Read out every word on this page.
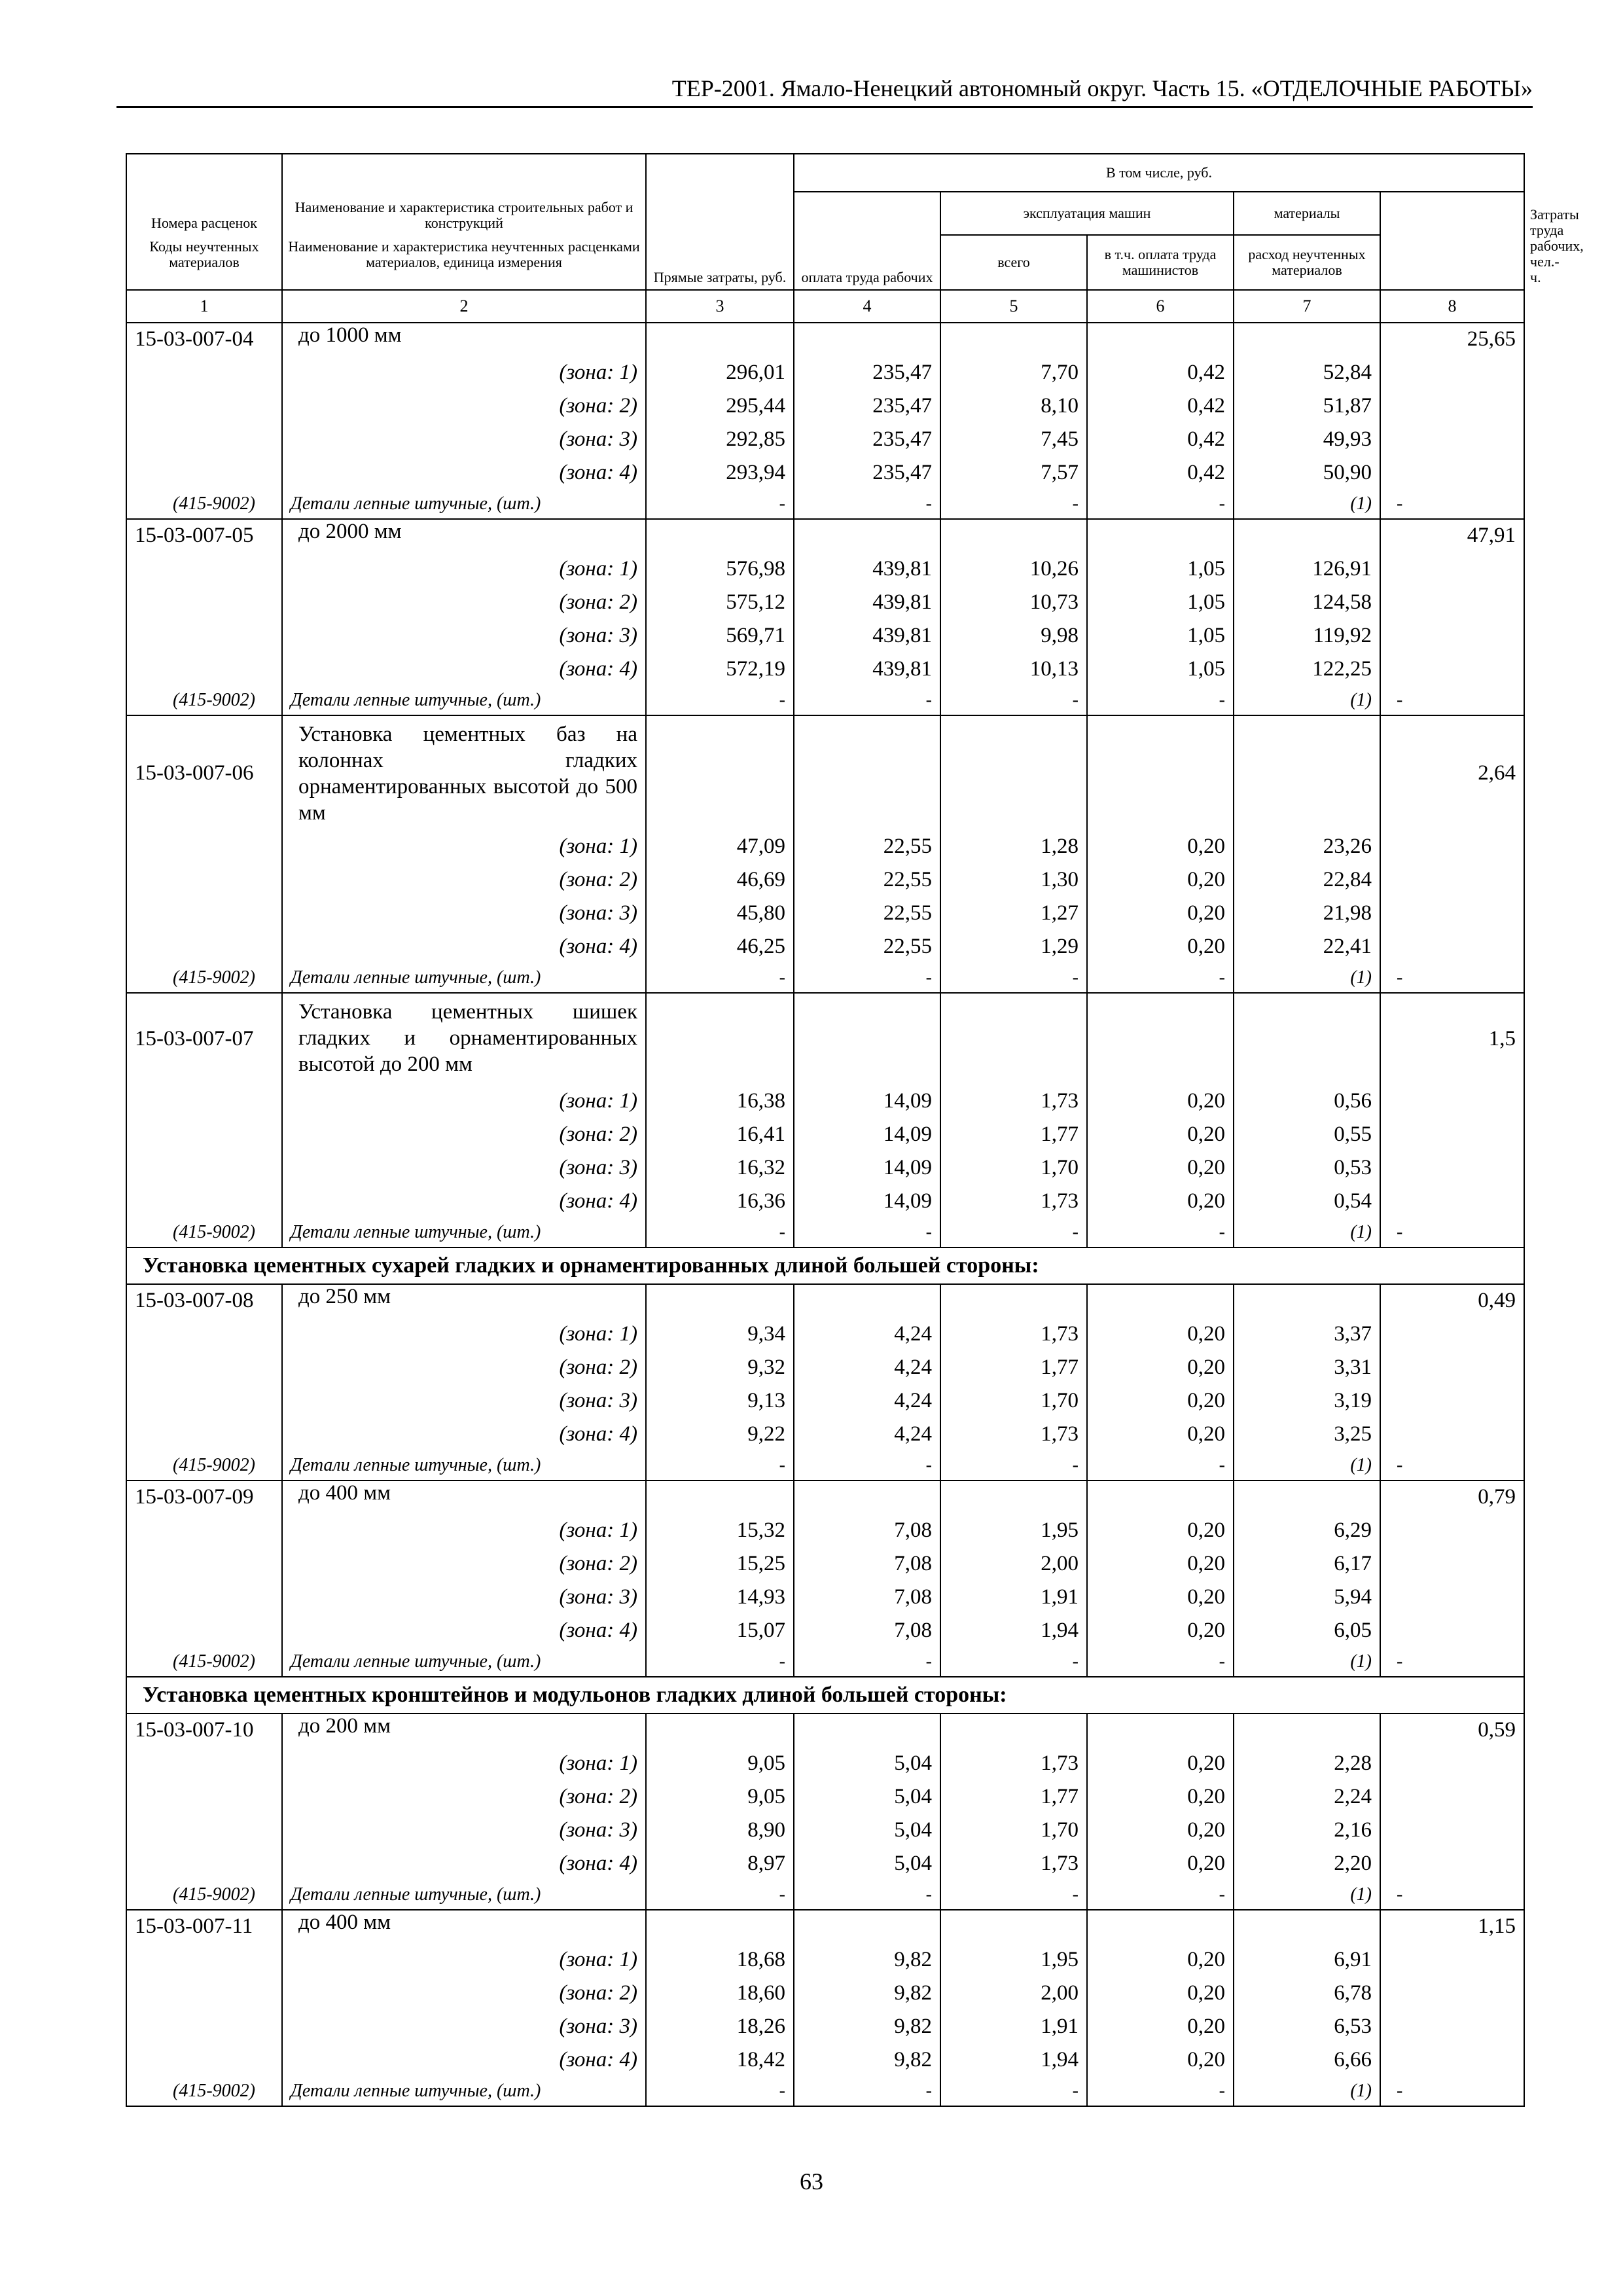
ТЕР-2001. Ямало-Ненецкий автономный округ. Часть 15. «ОТДЕЛОЧНЫЕ РАБОТЫ»
Номера расценок	Наименование и характеристика строительных работ и конструкций	Прямые затраты, руб.	В том числе, руб.					Затраты труда рабочих, чел.-ч.
			оплата труда рабочих	эксплуатация машин		материалы		
Коды неучтенных материалов	Наименование и характеристика неучтенных расценками материалов, единица измерения			всего	в т.ч. оплата труда машинистов	расход неучтенных материалов		
1	2	3	4	5	6	7	8	
15-03-007-04	до 1000 мм						25,65	
	(зона: 1)	296,01	235,47	7,70	0,42	52,84		
	(зона: 2)	295,44	235,47	8,10	0,42	51,87		
	(зона: 3)	292,85	235,47	7,45	0,42	49,93		
	(зона: 4)	293,94	235,47	7,57	0,42	50,90		
(415-9002)	Детали лепные штучные, (шт.)	-	-	-	-	(1)	-	
15-03-007-05	до 2000 мм						47,91	
	(зона: 1)	576,98	439,81	10,26	1,05	126,91		
	(зона: 2)	575,12	439,81	10,73	1,05	124,58		
	(зона: 3)	569,71	439,81	9,98	1,05	119,92		
	(зона: 4)	572,19	439,81	10,13	1,05	122,25		
(415-9002)	Детали лепные штучные, (шт.)	-	-	-	-	(1)	-	
15-03-007-06	Установка цементных баз на колоннах гладких орнаментированных высотой до 500 мм						2,64	
	(зона: 1)	47,09	22,55	1,28	0,20	23,26		
	(зона: 2)	46,69	22,55	1,30	0,20	22,84		
	(зона: 3)	45,80	22,55	1,27	0,20	21,98		
	(зона: 4)	46,25	22,55	1,29	0,20	22,41		
(415-9002)	Детали лепные штучные, (шт.)	-	-	-	-	(1)	-	
15-03-007-07	Установка цементных шишек гладких и орнаментированных высотой до 200 мм						1,5	
	(зона: 1)	16,38	14,09	1,73	0,20	0,56		
	(зона: 2)	16,41	14,09	1,77	0,20	0,55		
	(зона: 3)	16,32	14,09	1,70	0,20	0,53		
	(зона: 4)	16,36	14,09	1,73	0,20	0,54		
(415-9002)	Детали лепные штучные, (шт.)	-	-	-	-	(1)	-	
Установка цементных сухарей гладких и орнаментированных длиной большей стороны:								
15-03-007-08	до 250 мм						0,49	
	(зона: 1)	9,34	4,24	1,73	0,20	3,37		
	(зона: 2)	9,32	4,24	1,77	0,20	3,31		
	(зона: 3)	9,13	4,24	1,70	0,20	3,19		
	(зона: 4)	9,22	4,24	1,73	0,20	3,25		
(415-9002)	Детали лепные штучные, (шт.)	-	-	-	-	(1)	-	
15-03-007-09	до 400 мм						0,79	
	(зона: 1)	15,32	7,08	1,95	0,20	6,29		
	(зона: 2)	15,25	7,08	2,00	0,20	6,17		
	(зона: 3)	14,93	7,08	1,91	0,20	5,94		
	(зона: 4)	15,07	7,08	1,94	0,20	6,05		
(415-9002)	Детали лепные штучные, (шт.)	-	-	-	-	(1)	-	
Установка цементных кронштейнов и модульонов гладких длиной большей стороны:								
15-03-007-10	до 200 мм						0,59	
	(зона: 1)	9,05	5,04	1,73	0,20	2,28		
	(зона: 2)	9,05	5,04	1,77	0,20	2,24		
	(зона: 3)	8,90	5,04	1,70	0,20	2,16		
	(зона: 4)	8,97	5,04	1,73	0,20	2,20		
(415-9002)	Детали лепные штучные, (шт.)	-	-	-	-	(1)	-	
15-03-007-11	до 400 мм						1,15	
	(зона: 1)	18,68	9,82	1,95	0,20	6,91		
	(зона: 2)	18,60	9,82	2,00	0,20	6,78		
	(зона: 3)	18,26	9,82	1,91	0,20	6,53		
	(зона: 4)	18,42	9,82	1,94	0,20	6,66		
(415-9002)	Детали лепные штучные, (шт.)	-	-	-	-	(1)	-	
63
